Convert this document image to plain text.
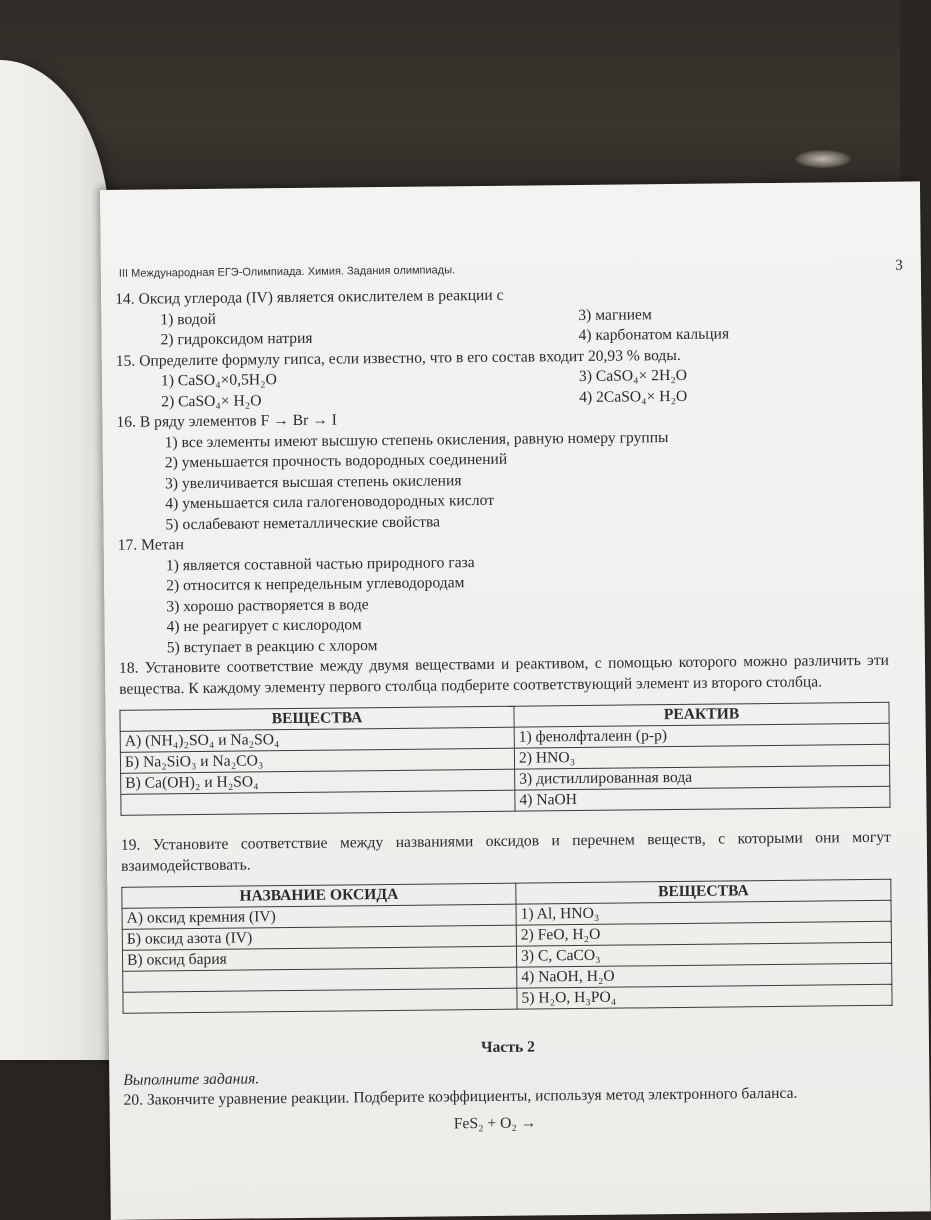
III Международная ЕГЭ-Олимпиада. Химия. Задания олимпиады.	3
14. Оксид углерода (IV) является окислителем в реакции с
1) водой	3) магнием
2) гидроксидом натрия	4) карбонатом кальция
15. Определите формулу гипса, если известно, что в его состав входит 20,93 % воды.
1) CaSO₄×0,5H₂O	3) CaSO₄× 2H₂O
2) CaSO₄× H₂O	4) 2CaSO₄× H₂O
16. В ряду элементов F → Br → I
1) все элементы имеют высшую степень окисления, равную номеру группы
2) уменьшается прочность водородных соединений
3) увеличивается высшая степень окисления
4) уменьшается сила галогеноводородных кислот
5) ослабевают неметаллические свойства
17. Метан
1) является составной частью природного газа
2) относится к непредельным углеводородам
3) хорошо растворяется в воде
4) не реагирует с кислородом
5) вступает в реакцию с хлором
18. Установите соответствие между двумя веществами и реактивом, с помощью которого можно различить эти вещества. К каждому элементу первого столбца подберите соответствующий элемент из второго столбца.
ВЕЩЕСТВА	РЕАКТИВ
А) (NH₄)₂SO₄ и Na₂SO₄	1) фенолфталеин (р-р)
Б) Na₂SiO₃ и Na₂CO₃	2) HNO₃
В) Ca(OH)₂ и H₂SO₄	3) дистиллированная вода
	4) NaOH
19. Установите соответствие между названиями оксидов и перечнем веществ, с которыми они могут взаимодействовать.
НАЗВАНИЕ ОКСИДА	ВЕЩЕСТВА
А) оксид кремния (IV)	1) Al, HNO₃
Б) оксид азота (IV)	2) FeO, H₂O
В) оксид бария	3) C, CaCO₃
	4) NaOH, H₂O
	5) H₂O, H₃PO₄
Часть 2
Выполните задания.
20. Закончите уравнение реакции. Подберите коэффициенты, используя метод электронного баланса.
FeS₂ + O₂ →
